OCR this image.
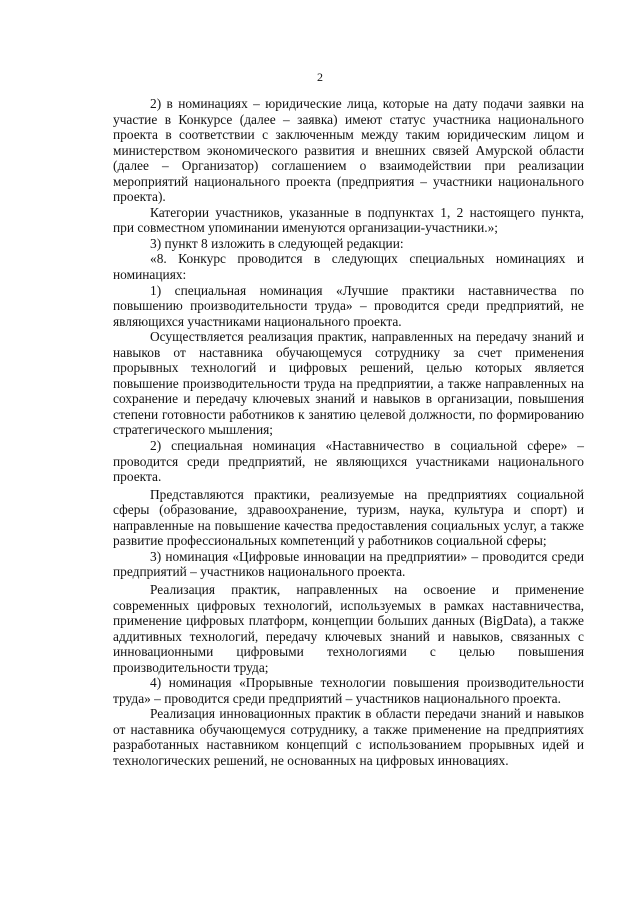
2

2) в номинациях – юридические лица, которые на дату подачи заявки на участие в Конкурсе (далее – заявка) имеют статус участника национального проекта в соответствии с заключенным между таким юридическим лицом и министерством экономического развития и внешних связей Амурской области (далее – Организатор) соглашением о взаимодействии при реализации мероприятий национального проекта (предприятия – участники национального проекта).

Категории участников, указанные в подпунктах 1, 2 настоящего пункта, при совместном упоминании именуются организации-участники.»;

3) пункт 8 изложить в следующей редакции:

«8. Конкурс проводится в следующих специальных номинациях и номинациях:

1) специальная номинация «Лучшие практики наставничества по повышению производительности труда» – проводится среди предприятий, не являющихся участниками национального проекта.

Осуществляется реализация практик, направленных на передачу знаний и навыков от наставника обучающемуся сотруднику за счет применения прорывных технологий и цифровых решений, целью которых является повышение производительности труда на предприятии, а также направленных на сохранение и передачу ключевых знаний и навыков в организации, повышения степени готовности работников к занятию целевой должности, по формированию стратегического мышления;

2) специальная номинация «Наставничество в социальной сфере» – проводится среди предприятий, не являющихся участниками национального проекта.

Представляются практики, реализуемые на предприятиях социальной сферы (образование, здравоохранение, туризм, наука, культура и спорт) и направленные на повышение качества предоставления социальных услуг, а также развитие профессиональных компетенций у работников социальной сферы;

3) номинация «Цифровые инновации на предприятии» – проводится среди предприятий – участников национального проекта.

Реализация практик, направленных на освоение и применение современных цифровых технологий, используемых в рамках наставничества, применение цифровых платформ, концепции больших данных (BigData), а также аддитивных технологий, передачу ключевых знаний и навыков, связанных с инновационными цифровыми технологиями с целью повышения производительности труда;

4) номинация «Прорывные технологии повышения производительности труда» – проводится среди предприятий – участников национального проекта.

Реализация инновационных практик в области передачи знаний и навыков от наставника обучающемуся сотруднику, а также применение на предприятиях разработанных наставником концепций с использованием прорывных идей и технологических решений, не основанных на цифровых инновациях.
